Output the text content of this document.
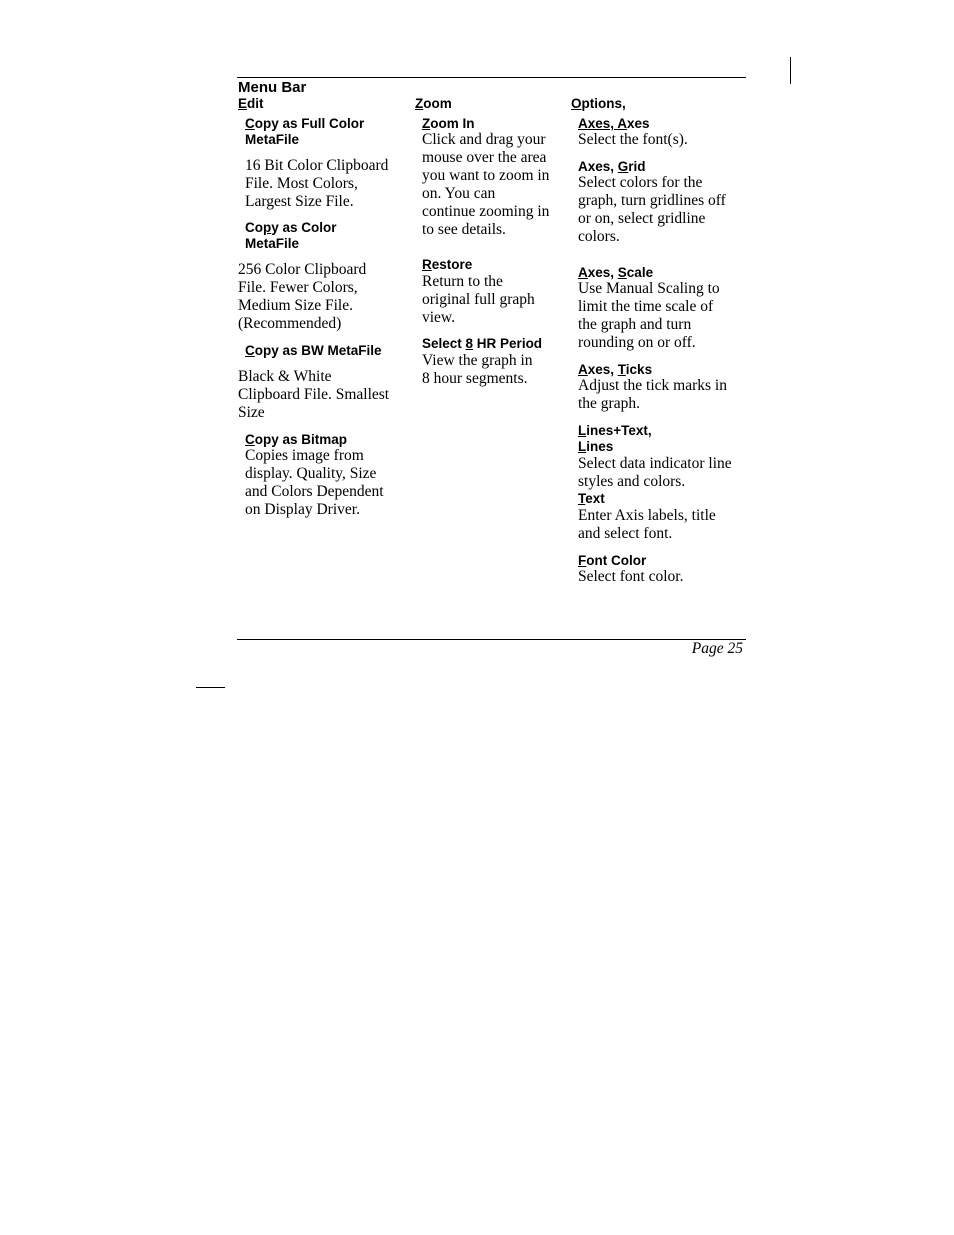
Menu Bar
Edit
Copy as Full Color
MetaFile
16 Bit Color Clipboard
File. Most Colors,
Largest Size File.
Copy as Color
MetaFile
256 Color Clipboard
File. Fewer Colors,
Medium Size File.
(Recommended)
Copy as BW MetaFile
Black & White
Clipboard File. Smallest
Size
Copy as Bitmap
Copies image from
display. Quality, Size
and Colors Dependent
on Display Driver.
Zoom
Zoom In
Click and drag your
mouse over the area
you want to zoom in
on. You can
continue zooming in
to see details.
Restore
Return to the
original full graph
view.
Select 8 HR Period
View the graph in
8 hour segments.
Options,
Axes, Axes
Select the font(s).
Axes, Grid
Select colors for the
graph, turn gridlines off
or on, select gridline
colors.
Axes, Scale
Use Manual Scaling to
limit the time scale of
the graph and turn
rounding on or off.
Axes, Ticks
Adjust the tick marks in
the graph.
Lines+Text,
Lines
Select data indicator line
styles and colors.
Text
Enter Axis labels, title
and select font.
Font Color
Select font color.
Page 25
